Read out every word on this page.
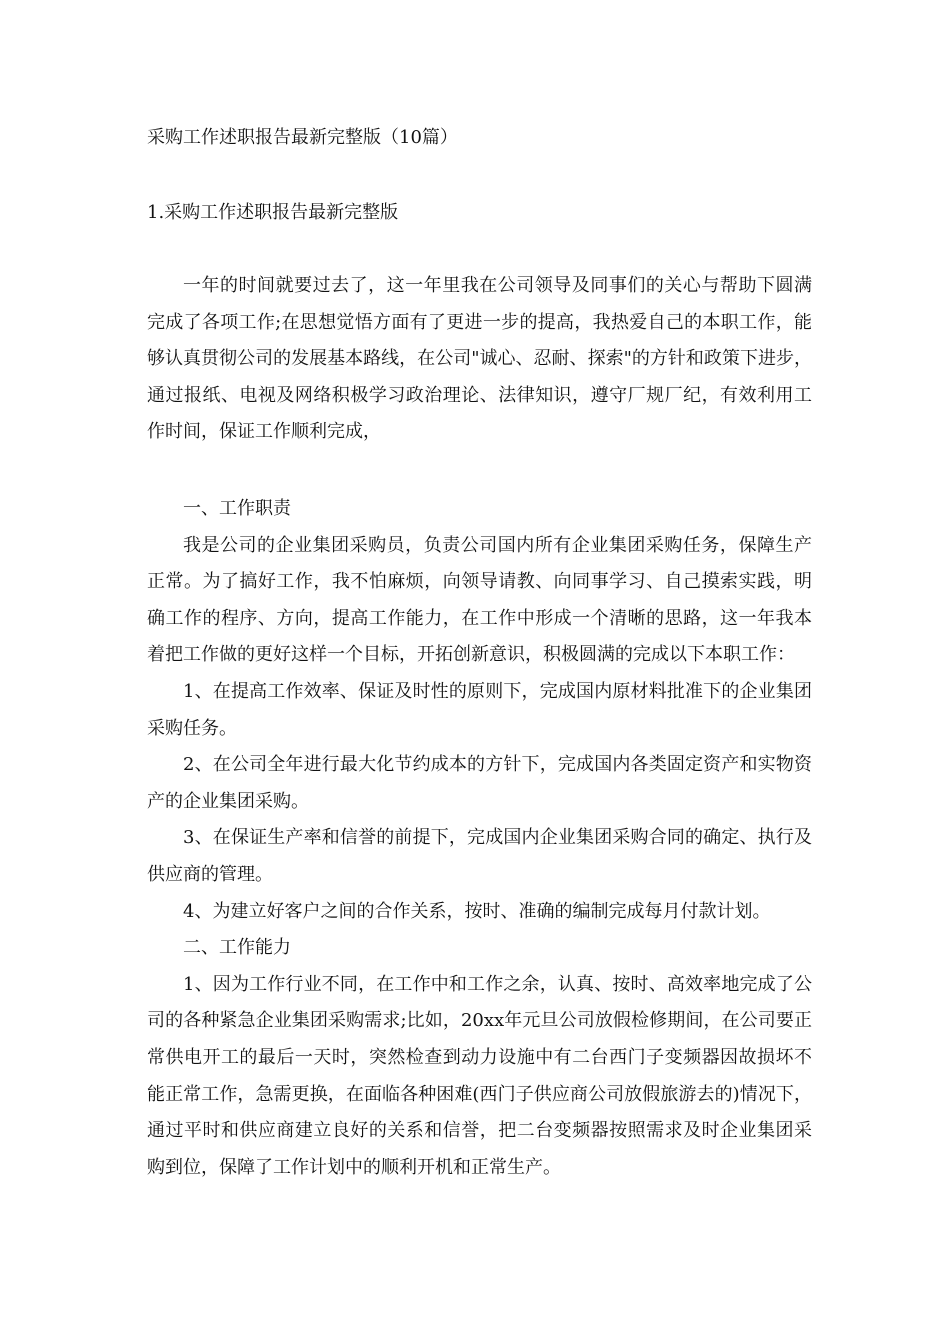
采购工作述职报告最新完整版（10篇）
1.采购工作述职报告最新完整版

一年的时间就要过去了，这一年里我在公司领导及同事们的关心与帮助下圆满完成了各项工作;在思想觉悟方面有了更进一步的提高，我热爱自己的本职工作，能够认真贯彻公司的发展基本路线，在公司"诚心、忍耐、探索"的方针和政策下进步，通过报纸、电视及网络积极学习政治理论、法律知识，遵守厂规厂纪，有效利用工作时间，保证工作顺利完成，

一、工作职责

我是公司的企业集团采购员，负责公司国内所有企业集团采购任务，保障生产正常。为了搞好工作，我不怕麻烦，向领导请教、向同事学习、自己摸索实践，明确工作的程序、方向，提高工作能力，在工作中形成一个清晰的思路，这一年我本着把工作做的更好这样一个目标，开拓创新意识，积极圆满的完成以下本职工作：

1、在提高工作效率、保证及时性的原则下，完成国内原材料批准下的企业集团采购任务。

2、在公司全年进行最大化节约成本的方针下，完成国内各类固定资产和实物资产的企业集团采购。

3、在保证生产率和信誉的前提下，完成国内企业集团采购合同的确定、执行及供应商的管理。

4、为建立好客户之间的合作关系，按时、准确的编制完成每月付款计划。

二、工作能力

1、因为工作行业不同，在工作中和工作之余，认真、按时、高效率地完成了公司的各种紧急企业集团采购需求;比如，20xx年元旦公司放假检修期间，在公司要正常供电开工的最后一天时，突然检查到动力设施中有二台西门子变频器因故损坏不能正常工作，急需更换，在面临各种困难(西门子供应商公司放假旅游去的)情况下，通过平时和供应商建立良好的关系和信誉，把二台变频器按照需求及时企业集团采购到位，保障了工作计划中的顺利开机和正常生产。
